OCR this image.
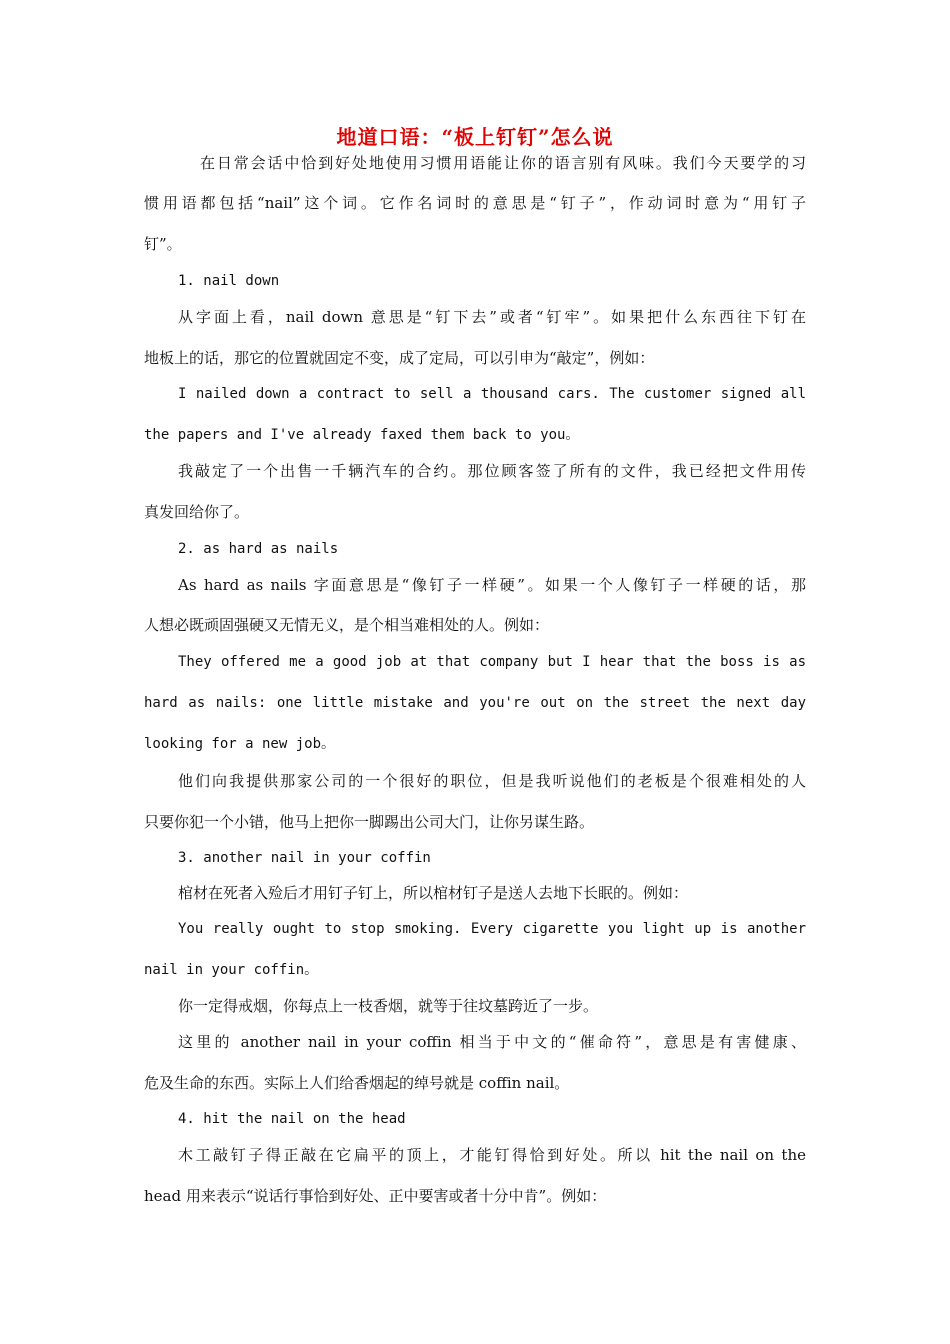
地道口语：“板上钉钉”怎么说
在日常会话中恰到好处地使用习惯用语能让你的语言别有风味。我们今天要学的习
惯用语都包括“nail”这个词。它作名词时的意思是“钉子”，作动词时意为“用钉子
钉”。
1. nail down
从字面上看，nail down 意思是“钉下去”或者“钉牢”。如果把什么东西往下钉在
地板上的话，那它的位置就固定不变，成了定局，可以引申为“敲定”，例如：
I nailed down a contract to sell a thousand cars. The customer signed all
the papers and I've already faxed them back to you。
我敲定了一个出售一千辆汽车的合约。那位顾客签了所有的文件，我已经把文件用传
真发回给你了。
2. as hard as nails
As hard as nails 字面意思是“像钉子一样硬”。如果一个人像钉子一样硬的话，那
人想必既顽固强硬又无情无义，是个相当难相处的人。例如：
They offered me a good job at that company but I hear that the boss is as
hard as nails: one little mistake and you're out on the street the next day
looking for a new job。
他们向我提供那家公司的一个很好的职位，但是我听说他们的老板是个很难相处的人
只要你犯一个小错，他马上把你一脚踢出公司大门，让你另谋生路。
3. another nail in your coffin
棺材在死者入殓后才用钉子钉上，所以棺材钉子是送人去地下长眠的。例如：
You really ought to stop smoking. Every cigarette you light up is another
nail in your coffin。
你一定得戒烟，你每点上一枝香烟，就等于往坟墓跨近了一步。
这里的 another nail in your coffin 相当于中文的“催命符”，意思是有害健康、
危及生命的东西。实际上人们给香烟起的绰号就是 coffin nail。
4. hit the nail on the head
木工敲钉子得正敲在它扁平的顶上，才能钉得恰到好处。所以 hit the nail on the
head 用来表示“说话行事恰到好处、正中要害或者十分中肯”。例如：
